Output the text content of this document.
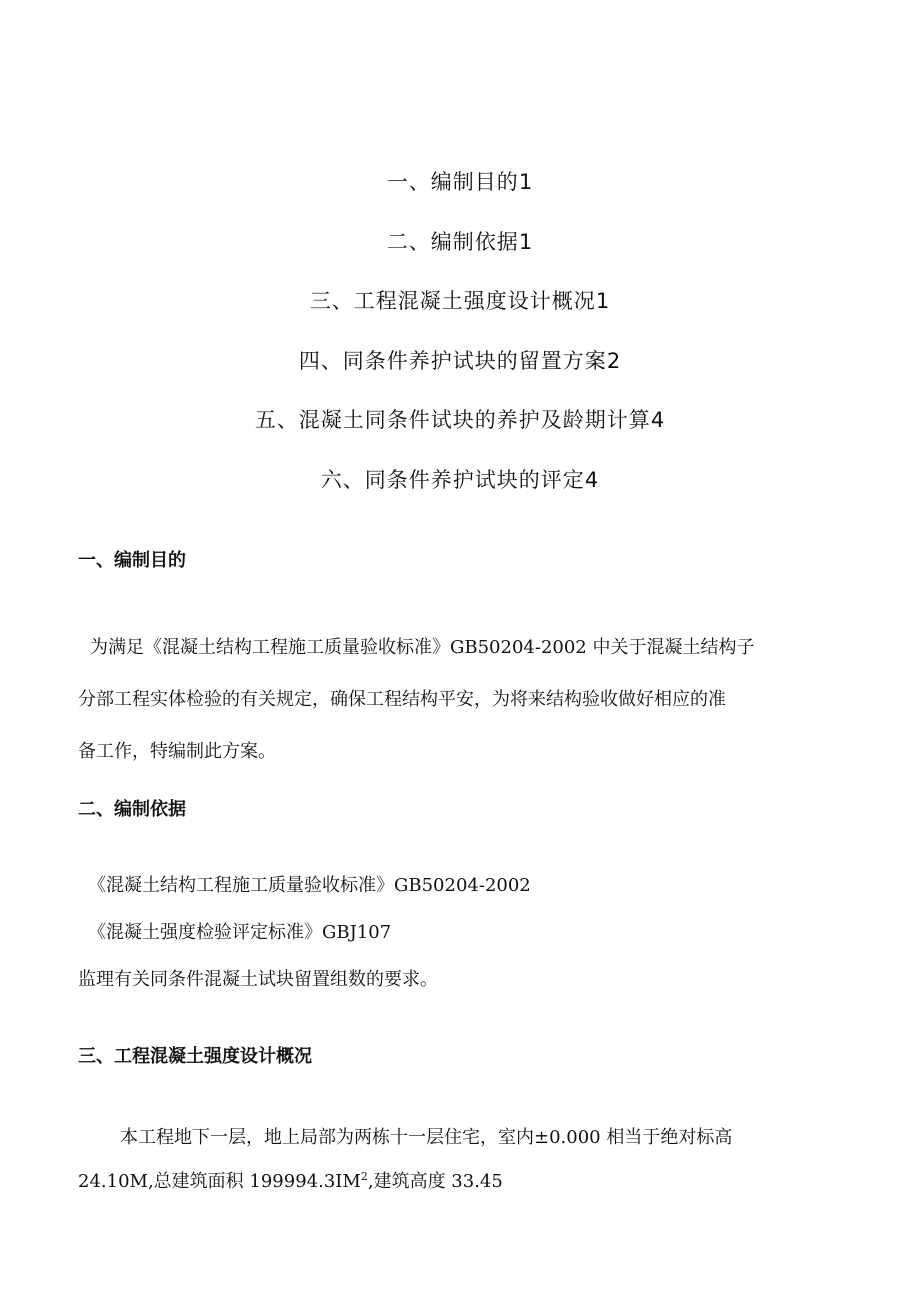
一、编制目的1
二、编制依据1
三、工程混凝土强度设计概况1
四、同条件养护试块的留置方案2
五、混凝土同条件试块的养护及龄期计算4
六、同条件养护试块的评定4
一、编制目的

为满足《混凝土结构工程施工质量验收标准》GB50204-2002 中关于混凝土结构子
分部工程实体检验的有关规定，确保工程结构平安，为将来结构验收做好相应的准
备工作，特编制此方案。

二、编制依据
《混凝土结构工程施工质量验收标准》GB50204-2002
《混凝土强度检验评定标准》GBJ107
监理有关同条件混凝土试块留置组数的要求。
三、工程混凝土强度设计概况

本工程地下一层，地上局部为两栋十一层住宅，室内±0.000 相当于绝对标高
24.10M,总建筑面积 $199994.3IM^2$,建筑高度 33.45
